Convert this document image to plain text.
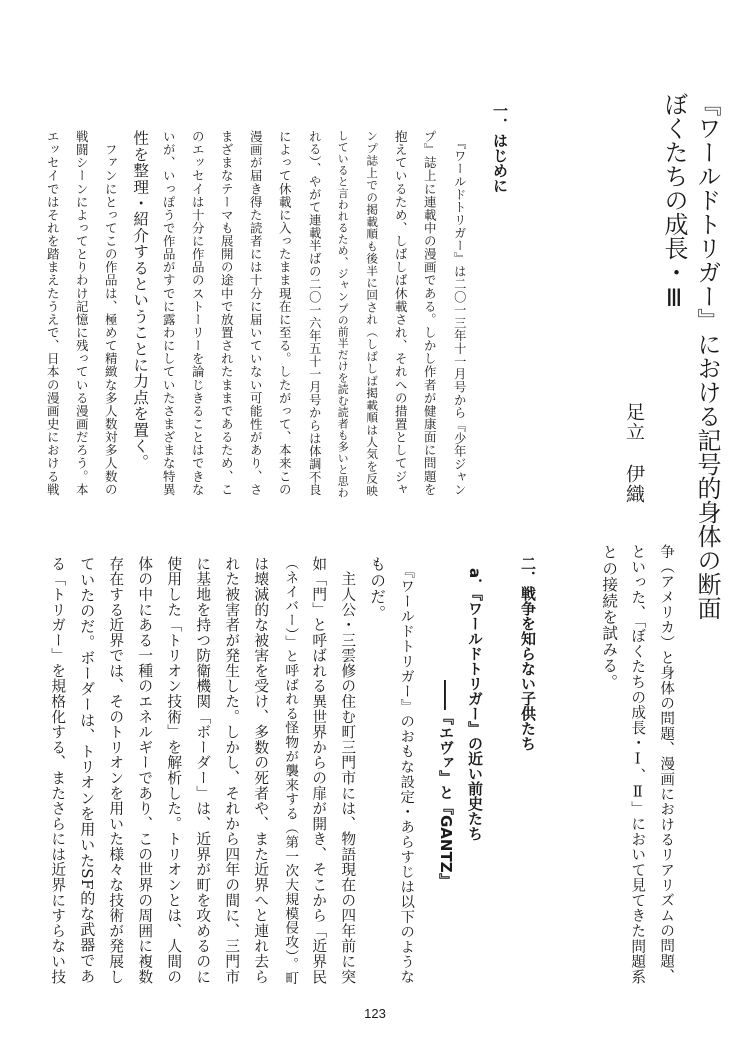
ぼくたちの成長・Ⅲ 『ワールドトリガー』における記号的身体の断面
足立伊織
一．はじめに
　『ワールドトリガー』は二〇一三年十一月号から『少年ジャン
プ』誌上に連載中の漫画である。しかし作者が健康面に問題を
抱えているため、しばしば休載され、それへの措置としてジャ
ンプ誌上での掲載順も後半に回され（しばしば掲載順は人気を反映
していると言われるため、ジャンプの前半だけを読む読者も多いと思わ
れる）、やがて連載半ばの二〇一六年五十一月号からは体調不良
によって休載に入ったまま現在に至る。したがって、本来この
漫画が届き得た読者には十分に届いていない可能性があり、さ
まざまなテーマも展開の途中で放置されたままであるため、こ
のエッセイは十分に作品のストーリーを論じきることはできな
いが、いっぽうで作品がすでに露わにしていたさまざまな特異
性を整理・紹介するということに力点を置く。
　ファンにとってこの作品は、極めて精緻な多人数対多人数の
戦闘シーンによってとりわけ記憶に残っている漫画だろう。本
エッセイではそれを踏まえたうえで、日本の漫画史における戦
争（アメリカ）と身体の問題、漫画におけるリアリズムの問題、
といった、「ぼくたちの成長・Ⅰ、Ⅱ」において見てきた問題系
との接続を試みる。
二．戦争を知らない子供たち
a．『ワールドトリガー』の近い前史たち
――『エヴァ』と『GANTZ』
　『ワールドトリガー』のおもな設定・あらすじは以下のような
ものだ。
　主人公・三雲修の住む町三門市には、物語現在の四年前に突
如「門」と呼ばれる異世界からの扉が開き、そこから「近界民
（ネイバー）」と呼ばれる怪物が襲来する（第一次大規模侵攻）。町
は壊滅的な被害を受け、多数の死者や、また近界へと連れ去ら
れた被害者が発生した。しかし、それから四年の間に、三門市
に基地を持つ防衛機関「ボーダー」は、近界が町を攻めるのに
使用した「トリオン技術」を解析した。トリオンとは、人間の
体の中にある一種のエネルギーであり、この世界の周囲に複数
存在する近界では、そのトリオンを用いた様々な技術が発展し
ていたのだ。ボーダーは、トリオンを用いたSF的な武器であ
る「トリガー」を規格化する、またさらには近界にすらない技
123
